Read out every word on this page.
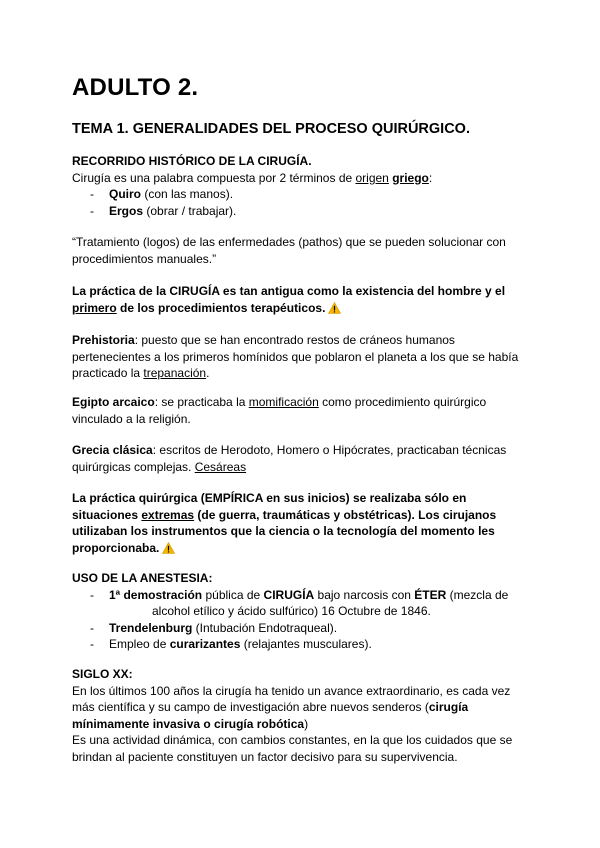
ADULTO 2.
TEMA 1. GENERALIDADES DEL PROCESO QUIRÚRGICO.
RECORRIDO HISTÓRICO DE LA CIRUGÍA.
Cirugía es una palabra compuesta por 2 términos de origen griego:
- Quiro (con las manos).
- Ergos (obrar / trabajar).
“Tratamiento (logos) de las enfermedades (pathos) que se pueden solucionar con procedimientos manuales.”
La práctica de la CIRUGÍA es tan antigua como la existencia del hombre y el primero de los procedimientos terapéuticos.
Prehistoria: puesto que se han encontrado restos de cráneos humanos pertenecientes a los primeros homínidos que poblaron el planeta a los que se había practicado la trepanación.
Egipto arcaico: se practicaba la momificación como procedimiento quirúrgico vinculado a la religión.
Grecia clásica: escritos de Herodoto, Homero o Hipócrates, practicaban técnicas quirúrgicas complejas. Cesáreas
La práctica quirúrgica (EMPÍRICA en sus inicios) se realizaba sólo en situaciones extremas (de guerra, traumáticas y obstétricas). Los cirujanos utilizaban los instrumentos que la ciencia o la tecnología del momento les proporcionaba.
USO DE LA ANESTESIA:
- 1ª demostración pública de CIRUGÍA bajo narcosis con ÉTER (mezcla de alcohol etílico y ácido sulfúrico) 16 Octubre de 1846.
- Trendelenburg (Intubación Endotraqueal).
- Empleo de curarizantes (relajantes musculares).
SIGLO XX:
En los últimos 100 años la cirugía ha tenido un avance extraordinario, es cada vez más científica y su campo de investigación abre nuevos senderos (cirugía mínimamente invasiva o cirugía robótica)
Es una actividad dinámica, con cambios constantes, en la que los cuidados que se brindan al paciente constituyen un factor decisivo para su supervivencia.
